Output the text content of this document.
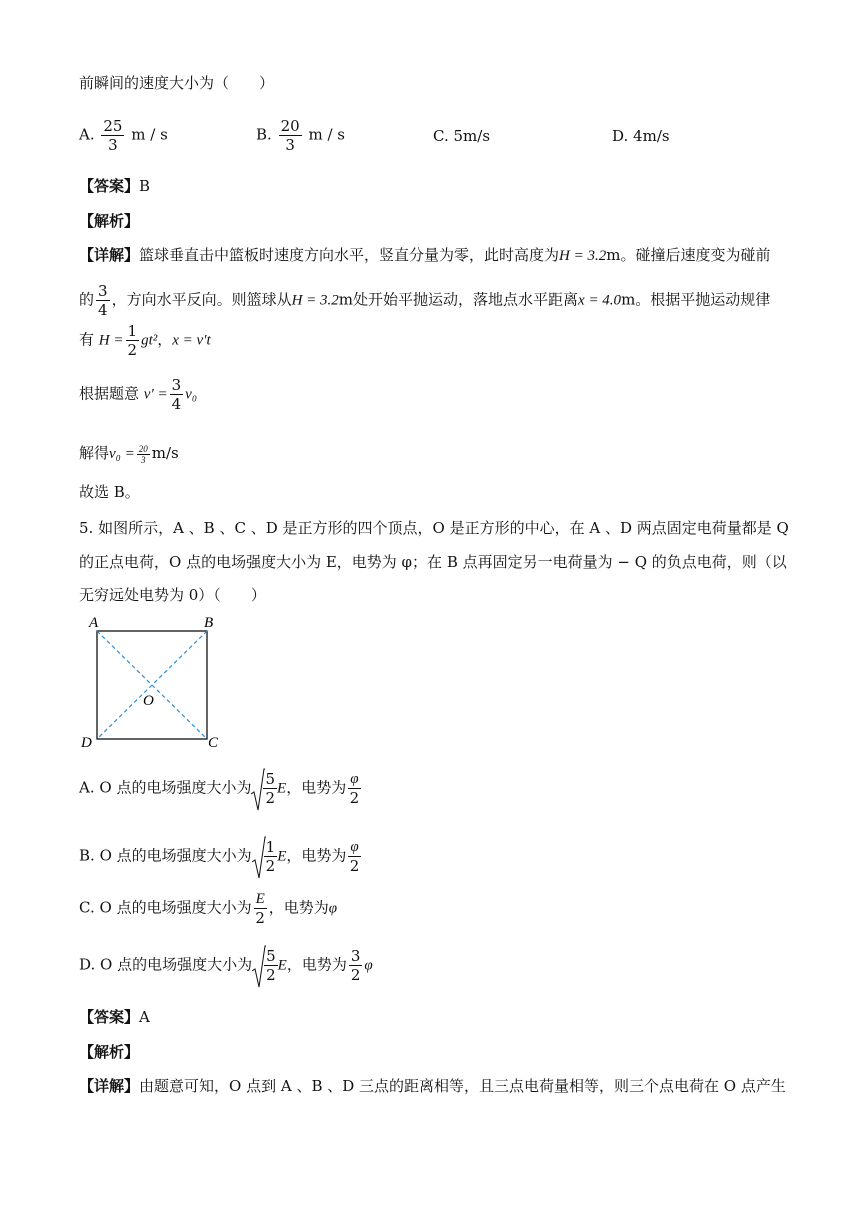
前瞬间的速度大小为（　　）
A. $\frac{25}{3}$ m / s	B. $\frac{20}{3}$ m / s	C. 5m/s	D. 4m/s
【答案】B
【解析】
【详解】篮球垂直击中篮板时速度方向水平，竖直分量为零，此时高度为H = 3.2m。碰撞后速度变为碰前
的 $\frac{3}{4}$ ，方向水平反向。则篮球从H = 3.2m处开始平抛运动，落地点水平距离x = 4.0m。根据平抛运动规律
有 $H = \frac{1}{2} gt^2$，x = v′t
根据题意 $v' = \frac{3}{4} v_0$
解得$v_0 = \frac{20}{3} m/s$
故选 B。
5. 如图所示，A 、B 、C 、D 是正方形的四个顶点，O 是正方形的中心，在 A 、D 两点固定电荷量都是 Q
的正点电荷，O 点的电场强度大小为 E，电势为 φ；在 B 点再固定另一电荷量为 − Q 的负点电荷，则（以
无穷远处电势为 0）（　　）
A	B
C
D
O
A. O 点的电场强度大小为 $\frac{5}{2}$ E，电势为 $\frac{\varphi}{2}$
B. O 点的电场强度大小为 $\frac{1}{2}$ E，电势为 $\frac{\varphi}{2}$
C. O 点的电场强度大小为 $\frac{E}{2}$ ，电势为φ
D. O 点的电场强度大小为 $\frac{5}{2}$ E，电势为 $\frac{3}{2}$ φ
【答案】A
【解析】
【详解】由题意可知，O 点到 A 、B 、D 三点的距离相等，且三点电荷量相等，则三个点电荷在 O 点产生
